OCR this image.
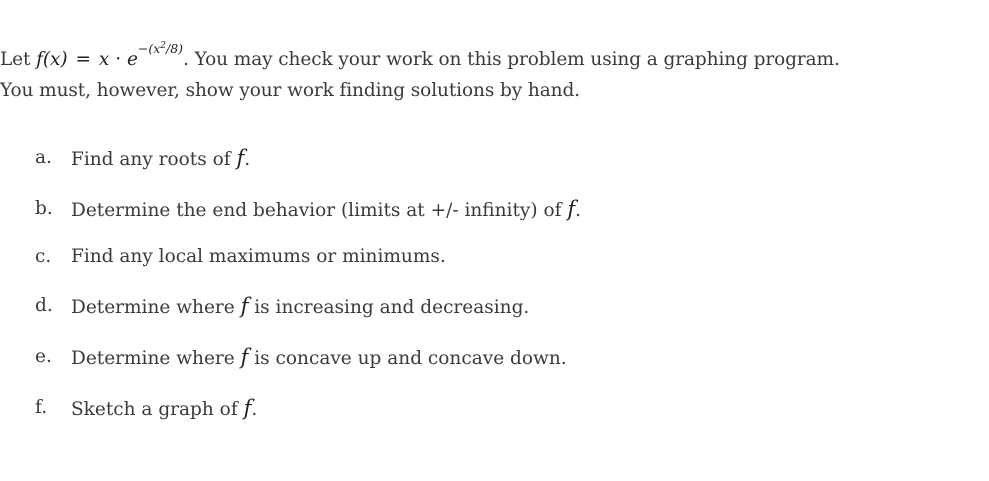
Let $f(x) = x \cdot e^{-(x^2/8)}$. You may check your work on this problem using a graphing program.
You must, however, show your work finding solutions by hand.
a. Find any roots of f.
b. Determine the end behavior (limits at +/- infinity) of f.
c. Find any local maximums or minimums.
d. Determine where f is increasing and decreasing.
e. Determine where f is concave up and concave down.
f. Sketch a graph of f.
